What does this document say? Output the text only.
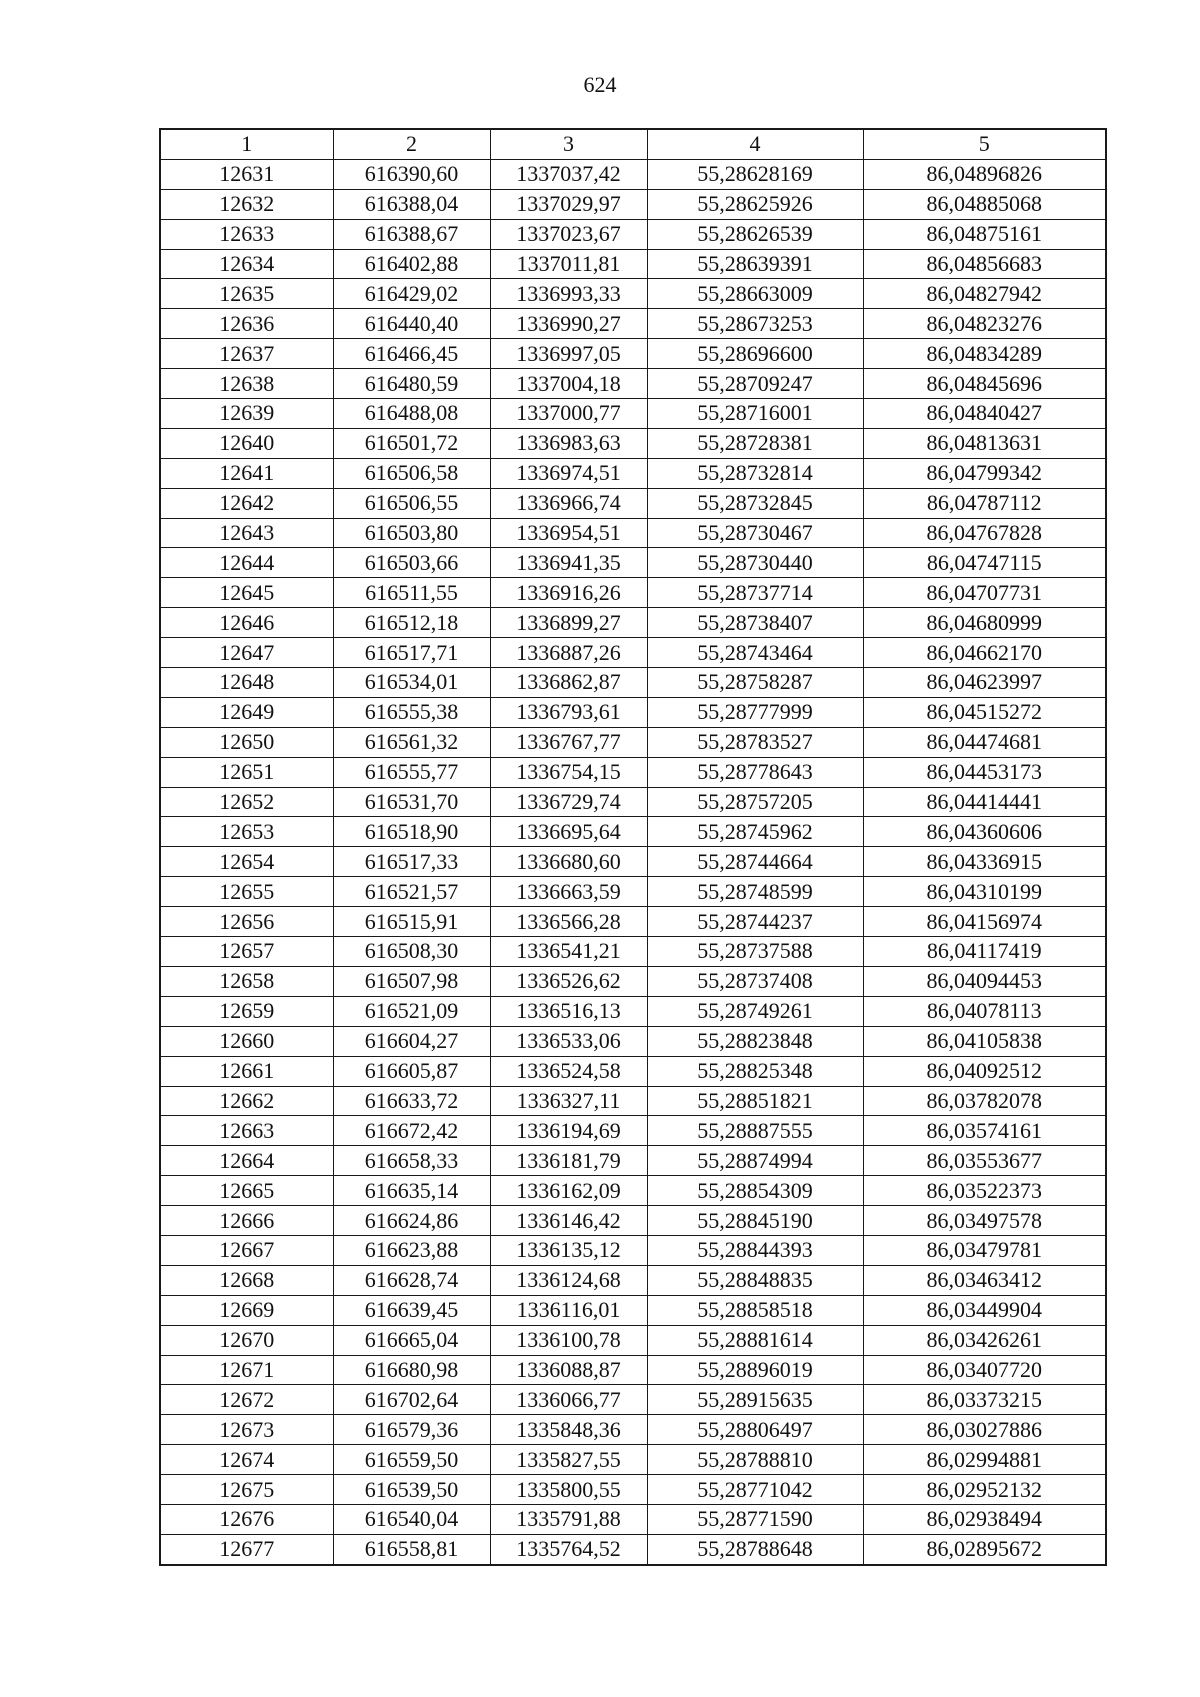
624
1	2	3	4	5
12631	616390,60	1337037,42	55,28628169	86,04896826
12632	616388,04	1337029,97	55,28625926	86,04885068
12633	616388,67	1337023,67	55,28626539	86,04875161
12634	616402,88	1337011,81	55,28639391	86,04856683
12635	616429,02	1336993,33	55,28663009	86,04827942
12636	616440,40	1336990,27	55,28673253	86,04823276
12637	616466,45	1336997,05	55,28696600	86,04834289
12638	616480,59	1337004,18	55,28709247	86,04845696
12639	616488,08	1337000,77	55,28716001	86,04840427
12640	616501,72	1336983,63	55,28728381	86,04813631
12641	616506,58	1336974,51	55,28732814	86,04799342
12642	616506,55	1336966,74	55,28732845	86,04787112
12643	616503,80	1336954,51	55,28730467	86,04767828
12644	616503,66	1336941,35	55,28730440	86,04747115
12645	616511,55	1336916,26	55,28737714	86,04707731
12646	616512,18	1336899,27	55,28738407	86,04680999
12647	616517,71	1336887,26	55,28743464	86,04662170
12648	616534,01	1336862,87	55,28758287	86,04623997
12649	616555,38	1336793,61	55,28777999	86,04515272
12650	616561,32	1336767,77	55,28783527	86,04474681
12651	616555,77	1336754,15	55,28778643	86,04453173
12652	616531,70	1336729,74	55,28757205	86,04414441
12653	616518,90	1336695,64	55,28745962	86,04360606
12654	616517,33	1336680,60	55,28744664	86,04336915
12655	616521,57	1336663,59	55,28748599	86,04310199
12656	616515,91	1336566,28	55,28744237	86,04156974
12657	616508,30	1336541,21	55,28737588	86,04117419
12658	616507,98	1336526,62	55,28737408	86,04094453
12659	616521,09	1336516,13	55,28749261	86,04078113
12660	616604,27	1336533,06	55,28823848	86,04105838
12661	616605,87	1336524,58	55,28825348	86,04092512
12662	616633,72	1336327,11	55,28851821	86,03782078
12663	616672,42	1336194,69	55,28887555	86,03574161
12664	616658,33	1336181,79	55,28874994	86,03553677
12665	616635,14	1336162,09	55,28854309	86,03522373
12666	616624,86	1336146,42	55,28845190	86,03497578
12667	616623,88	1336135,12	55,28844393	86,03479781
12668	616628,74	1336124,68	55,28848835	86,03463412
12669	616639,45	1336116,01	55,28858518	86,03449904
12670	616665,04	1336100,78	55,28881614	86,03426261
12671	616680,98	1336088,87	55,28896019	86,03407720
12672	616702,64	1336066,77	55,28915635	86,03373215
12673	616579,36	1335848,36	55,28806497	86,03027886
12674	616559,50	1335827,55	55,28788810	86,02994881
12675	616539,50	1335800,55	55,28771042	86,02952132
12676	616540,04	1335791,88	55,28771590	86,02938494
12677	616558,81	1335764,52	55,28788648	86,02895672
